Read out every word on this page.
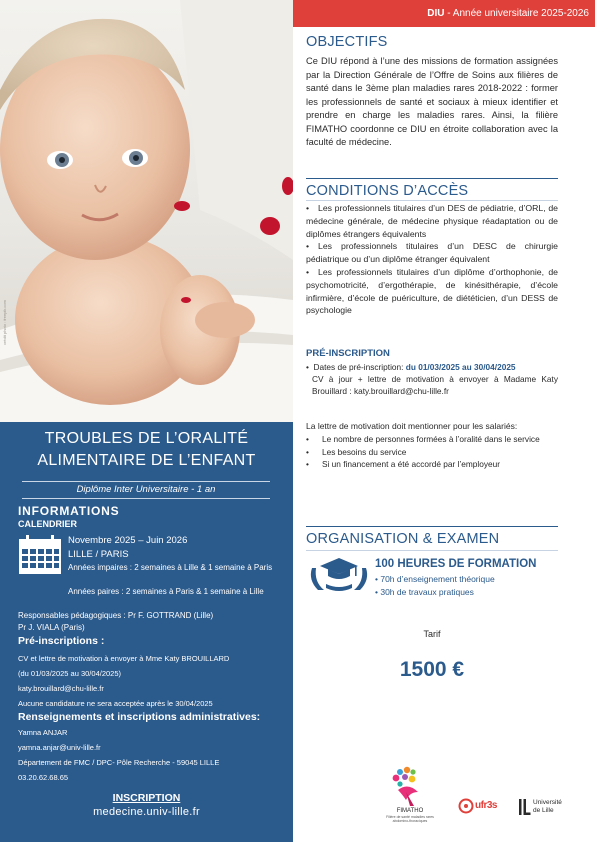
crédit photo : freepik.com
TROUBLES DE L’ORALITÉ
ALIMENTAIRE DE L’ENFANT
Diplôme Inter Universitaire - 1 an
INFORMATIONS
CALENDRIER
Novembre 2025 – Juin 2026
LILLE / PARIS
Années impaires : 2 semaines à Lille & 1 semaine à Paris
Années paires : 2 semaines à Paris & 1 semaine à Lille
Responsables pédagogiques : Pr F. GOTTRAND (Lille)
Pr J. VIALA (Paris)
Pré-inscriptions :
CV et lettre de motivation à envoyer à Mme Katy BROUILLARD
(du 01/03/2025 au 30/04/2025)
katy.brouillard@chu-lille.fr
Aucune candidature ne sera acceptée après le 30/04/2025
Renseignements et inscriptions administratives:
Yamna ANJAR
yamna.anjar@univ-lille.fr
Département de FMC / DPC- Pôle Recherche - 59045 LILLE
03.20.62.68.65
INSCRIPTION
medecine.univ-lille.fr
DIU - Année universitaire 2025-2026
OBJECTIFS
Ce DIU répond à l’une des missions de formation assignées par la Direction Générale de l’Offre de Soins aux filières de santé dans le 3ème plan maladies rares 2018-2022 : former les professionnels de santé et sociaux à mieux identifier et prendre en charge les maladies rares. Ainsi, la filière FIMATHO coordonne ce DIU en étroite collaboration avec la faculté de médecine.
CONDITIONS D’ACCÈS
• Les professionnels titulaires d’un DES de pédiatrie, d’ORL, de médecine générale, de médecine physique réadaptation ou de diplômes étrangers équivalents
• Les professionnels titulaires d’un DESC de chirurgie pédiatrique ou d’un diplôme étranger équivalent
• Les professionnels titulaires d’un diplôme d’orthophonie, de psychomotricité, d’ergothérapie, de kinésithérapie, d’école infirmière, d’école de puériculture, de diététicien, d’un DESS de psychologie
PRÉ-INSCRIPTION
•  Dates de pré-inscription: du 01/03/2025 au 30/04/2025
CV à jour + lettre de motivation à envoyer à Madame Katy Brouillard : katy.brouillard@chu-lille.fr
La lettre de motivation doit mentionner pour les salariés:
• Le nombre de personnes formées à l’oralité dans le service
• Les besoins du service
• Si un financement a été accordé par l’employeur
ORGANISATION & EXAMEN
100 HEURES DE FORMATION
• 70h d’enseignement théorique
• 30h de travaux pratiques
Tarif
1500 €
FIMATHO
Filière de santé maladies rares abdomino-thoraciques
ufr3s	Université
de Lille
